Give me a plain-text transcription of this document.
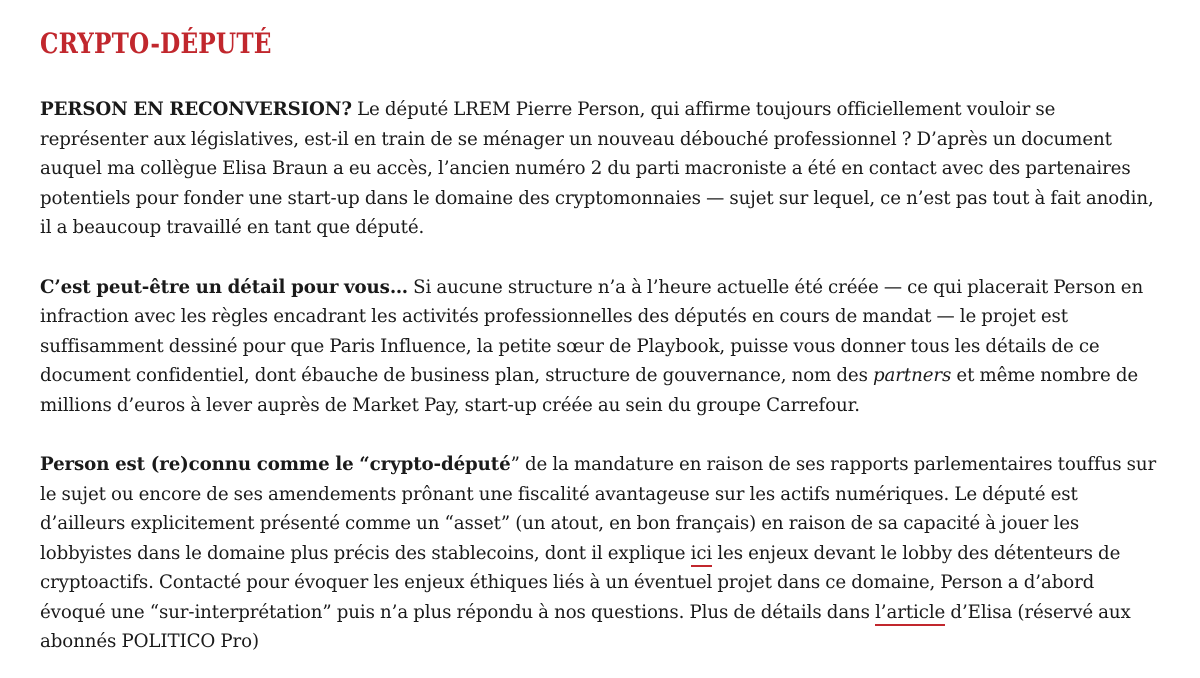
CRYPTO-DÉPUTÉ

PERSON EN RECONVERSION? Le député LREM Pierre Person, qui affirme toujours officiellement vouloir se représenter aux législatives, est-il en train de se ménager un nouveau débouché professionnel ? D’après un document auquel ma collègue Elisa Braun a eu accès, l’ancien numéro 2 du parti macroniste a été en contact avec des partenaires potentiels pour fonder une start-up dans le domaine des cryptomonnaies — sujet sur lequel, ce n’est pas tout à fait anodin, il a beaucoup travaillé en tant que député.

C’est peut-être un détail pour vous… Si aucune structure n’a à l’heure actuelle été créée — ce qui placerait Person en infraction avec les règles encadrant les activités professionnelles des députés en cours de mandat — le projet est suffisamment dessiné pour que Paris Influence, la petite sœur de Playbook, puisse vous donner tous les détails de ce document confidentiel, dont ébauche de business plan, structure de gouvernance, nom des partners et même nombre de millions d’euros à lever auprès de Market Pay, start-up créée au sein du groupe Carrefour.

Person est (re)connu comme le “crypto-député” de la mandature en raison de ses rapports parlementaires touffus sur le sujet ou encore de ses amendements prônant une fiscalité avantageuse sur les actifs numériques. Le député est d’ailleurs explicitement présenté comme un “asset” (un atout, en bon français) en raison de sa capacité à jouer les lobbyistes dans le domaine plus précis des stablecoins, dont il explique ici les enjeux devant le lobby des détenteurs de cryptoactifs. Contacté pour évoquer les enjeux éthiques liés à un éventuel projet dans ce domaine, Person a d’abord évoqué une “sur-interprétation” puis n’a plus répondu à nos questions. Plus de détails dans l’article d’Elisa (réservé aux abonnés POLITICO Pro)
